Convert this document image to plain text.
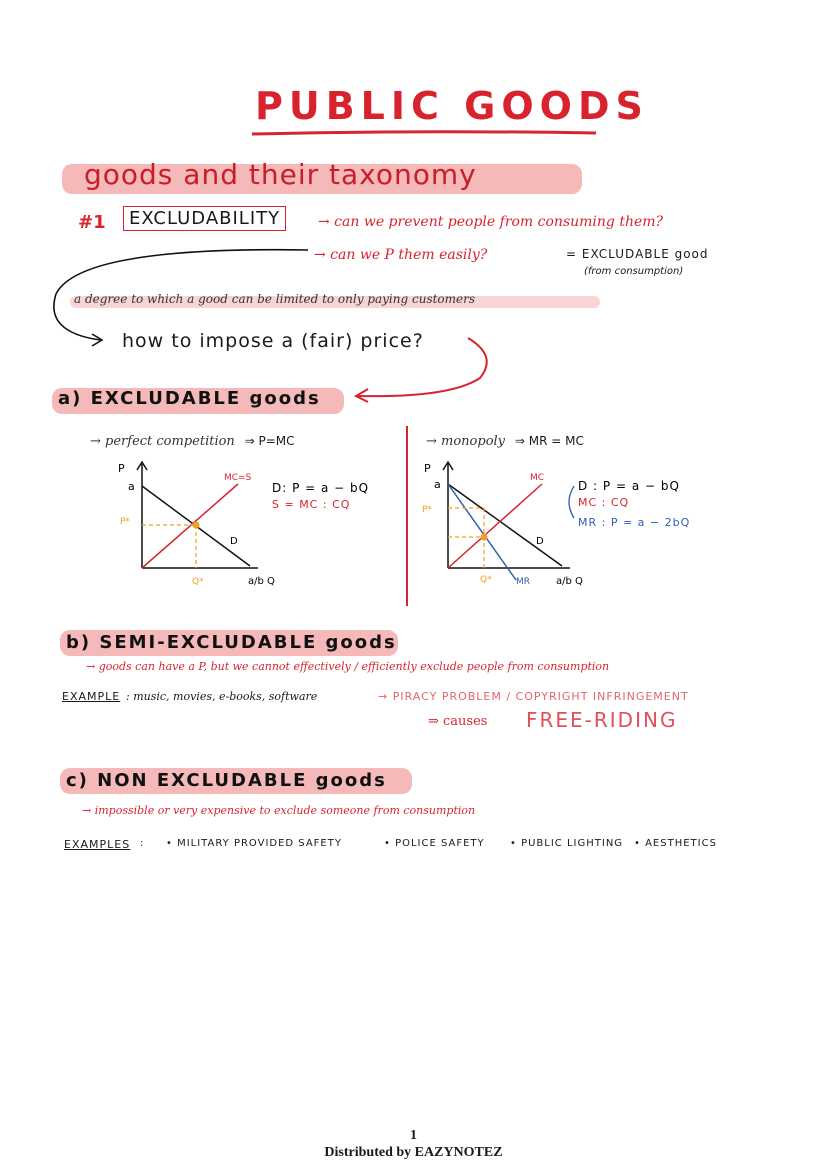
PUBLIC GOODS
goods and their taxonomy
#1	EXCLUDABILITY	→ can we prevent people from consuming them?
→ can we P them easily?	= EXCLUDABLE good
(from consumption)
a degree to which a good can be limited to only paying customers
how to impose a (fair) price?
a) EXCLUDABLE goods
→ perfect competition ⇒ P=MC
P
a
P*
Q*	a/b Q
MC=S
D
D: P = a − bQ
S = MC : CQ
→ monopoly ⇒ MR = MC
P
a
P*
Q*	MR	a/b Q
MC
D
D : P = a − bQ
MC : CQ
MR : P = a − 2bQ
b) SEMI-EXCLUDABLE goods
→ goods can have a P, but we cannot effectively / efficiently exclude people from consumption
EXAMPLE : music, movies, e-books, software	→ PIRACY PROBLEM / COPYRIGHT INFRINGEMENT
⇒ causes FREE-RIDING
c) NON EXCLUDABLE goods
→ impossible or very expensive to exclude someone from consumption
EXAMPLES : • MILITARY PROVIDED SAFETY	• POLICE SAFETY	• PUBLIC LIGHTING • AESTHETICS
1
Distributed by EAZYNOTEZ
